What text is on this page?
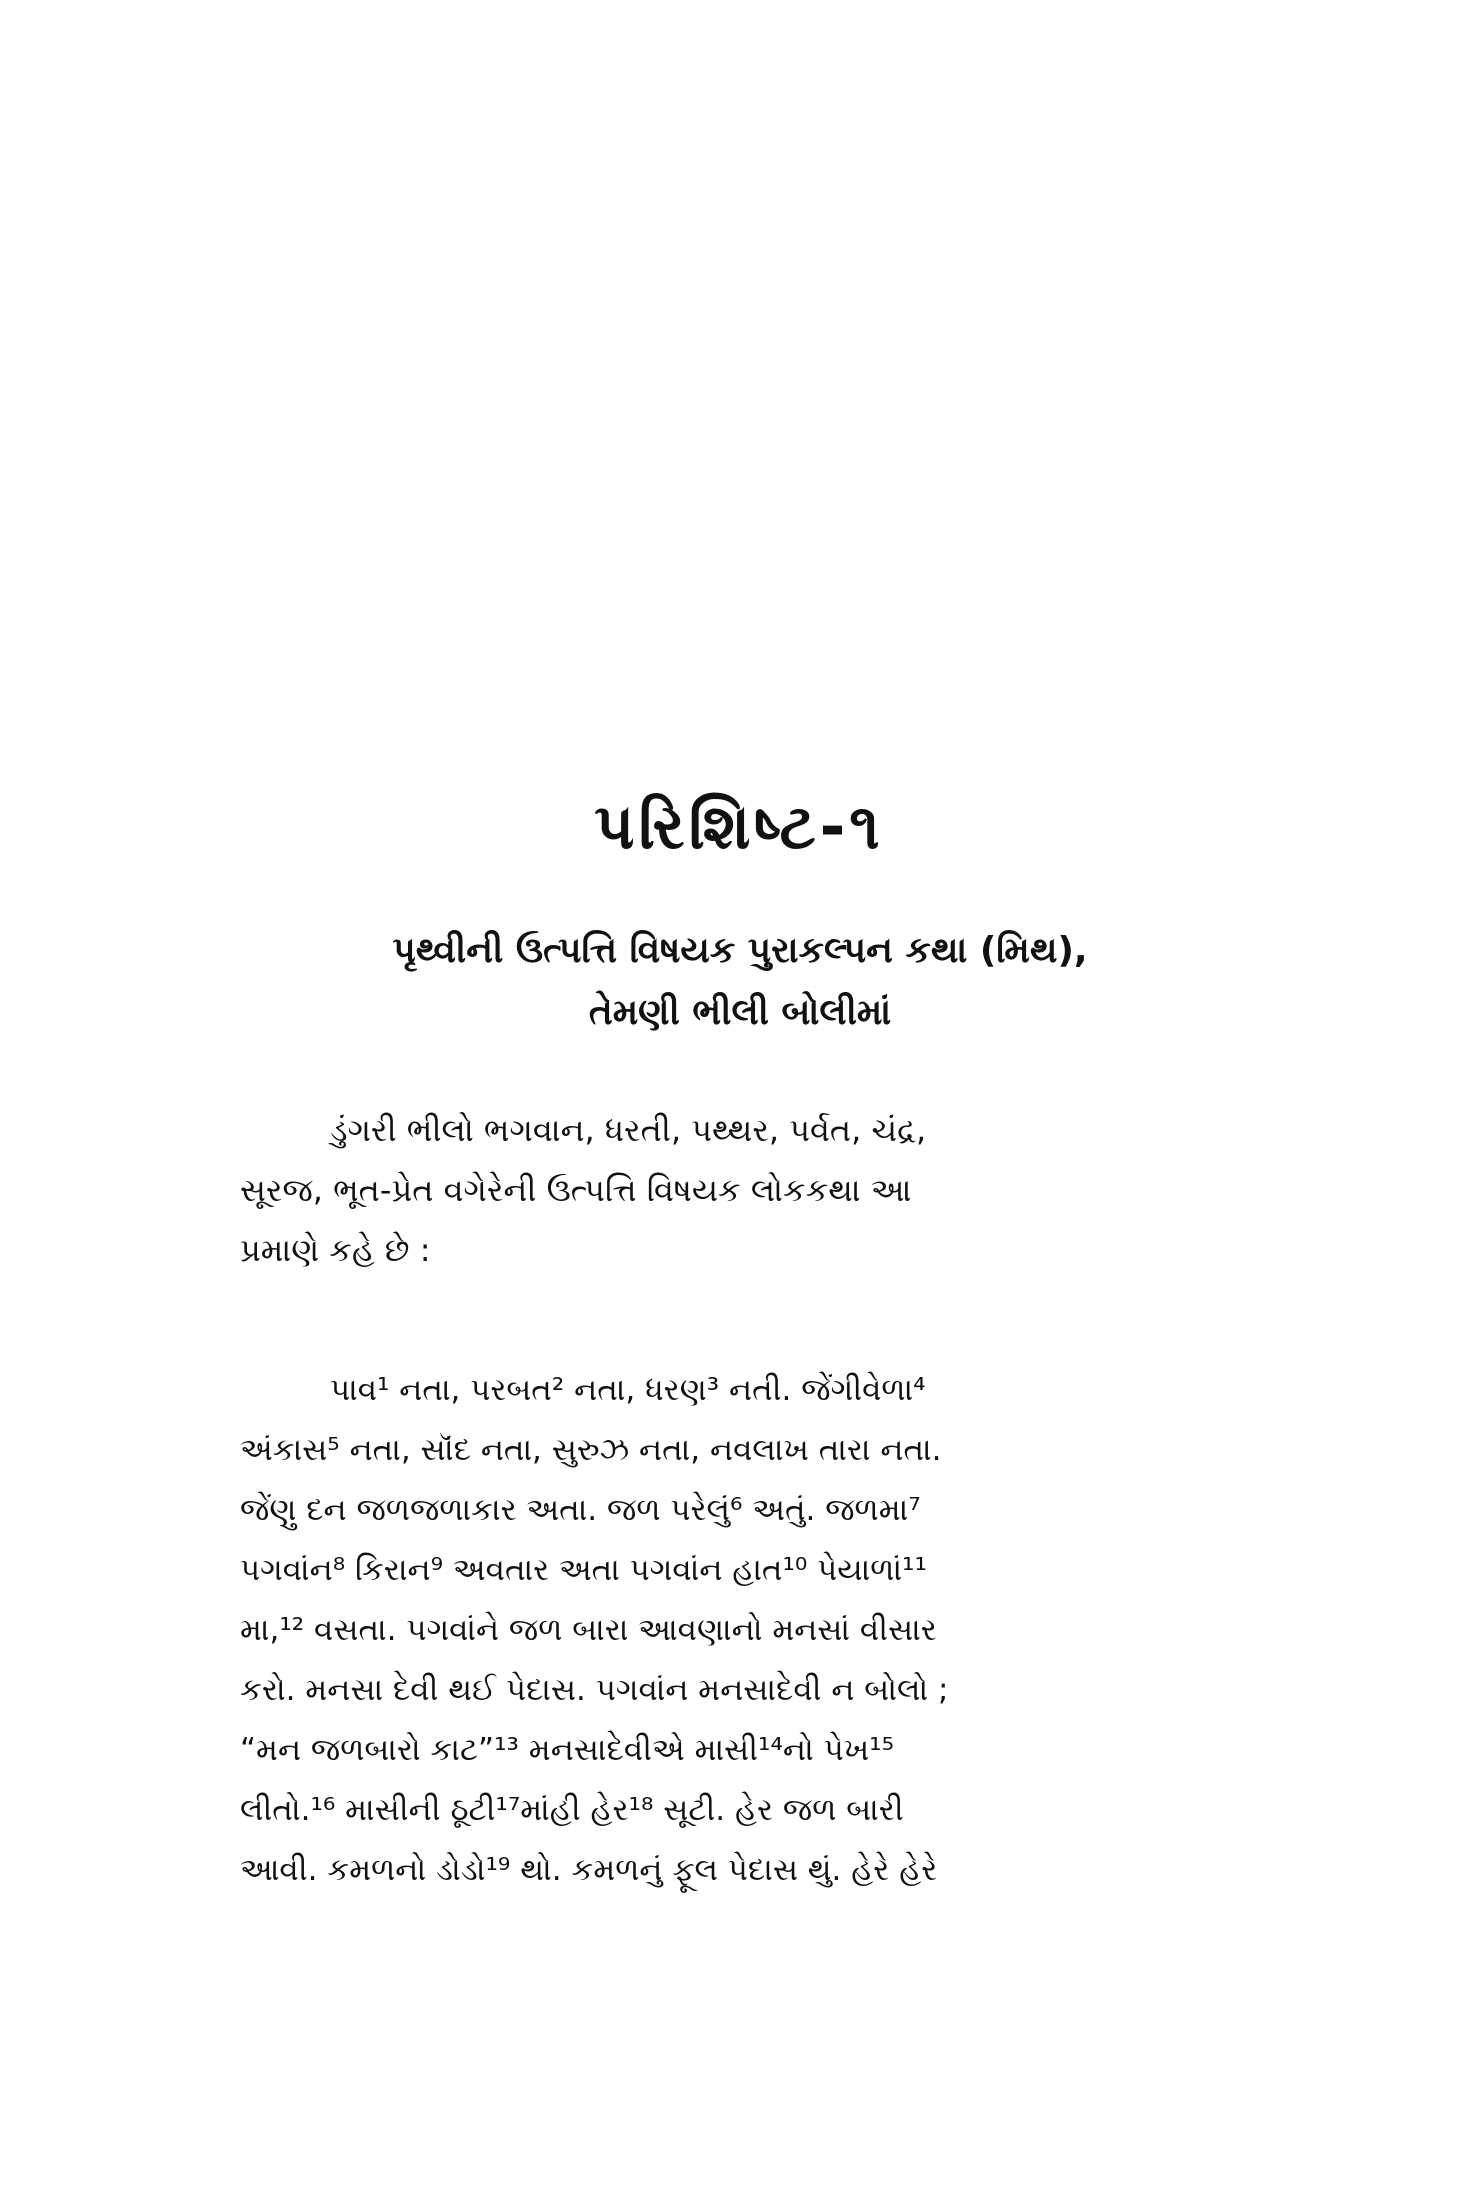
પરિશિષ્ટ-૧
પૃથ્વીની ઉત્પત્તિ વિષયક પુરાકલ્પન કથા (મિથ),
તેમણી ભીલી બોલીમાં
ડુંગરી ભીલો ભગવાન, ધરતી, પથ્થર, પર્વત, ચંદ્ર,
સૂરજ, ભૂત-પ્રેત વગેરેની ઉત્પત્તિ વિષયક લોકકથા આ
પ્રમાણે કહે છે :
પાવ¹ નતા, પરબત² નતા, ધરણ³ નતી. જેંગીવેળા⁴
અંકાસ⁵ નતા, સૉંદ નતા, સુરુઝ નતા, નવલાખ તારા નતા.
જેંણુ દન જળજળાકાર અતા. જળ પરેલું⁶ અતું. જળમા⁷
પગવાંન⁸ કિરાન⁹ અવતાર અતા પગવાંન હાત¹⁰ પેયાળાં¹¹
મા,¹² વસતા. પગવાંને જળ બારા આવણાનો મનસાં વીસાર
કરો. મનસા દેવી થઈ પેદાસ. પગવાંન મનસાદેવી ન બોલો ;
“મન જળબારો કાટ”¹³ મનસાદેવીએ માસી¹⁴નો પેખ¹⁵
લીતો.¹⁶ માસીની ઠૂટી¹⁷માંહી હેર¹⁸ સૂટી. હેર જળ બારી
આવી. કમળનો ડોડો¹⁹ થો. કમળનું ફૂલ પેદાસ થું. હેરે હેરે
